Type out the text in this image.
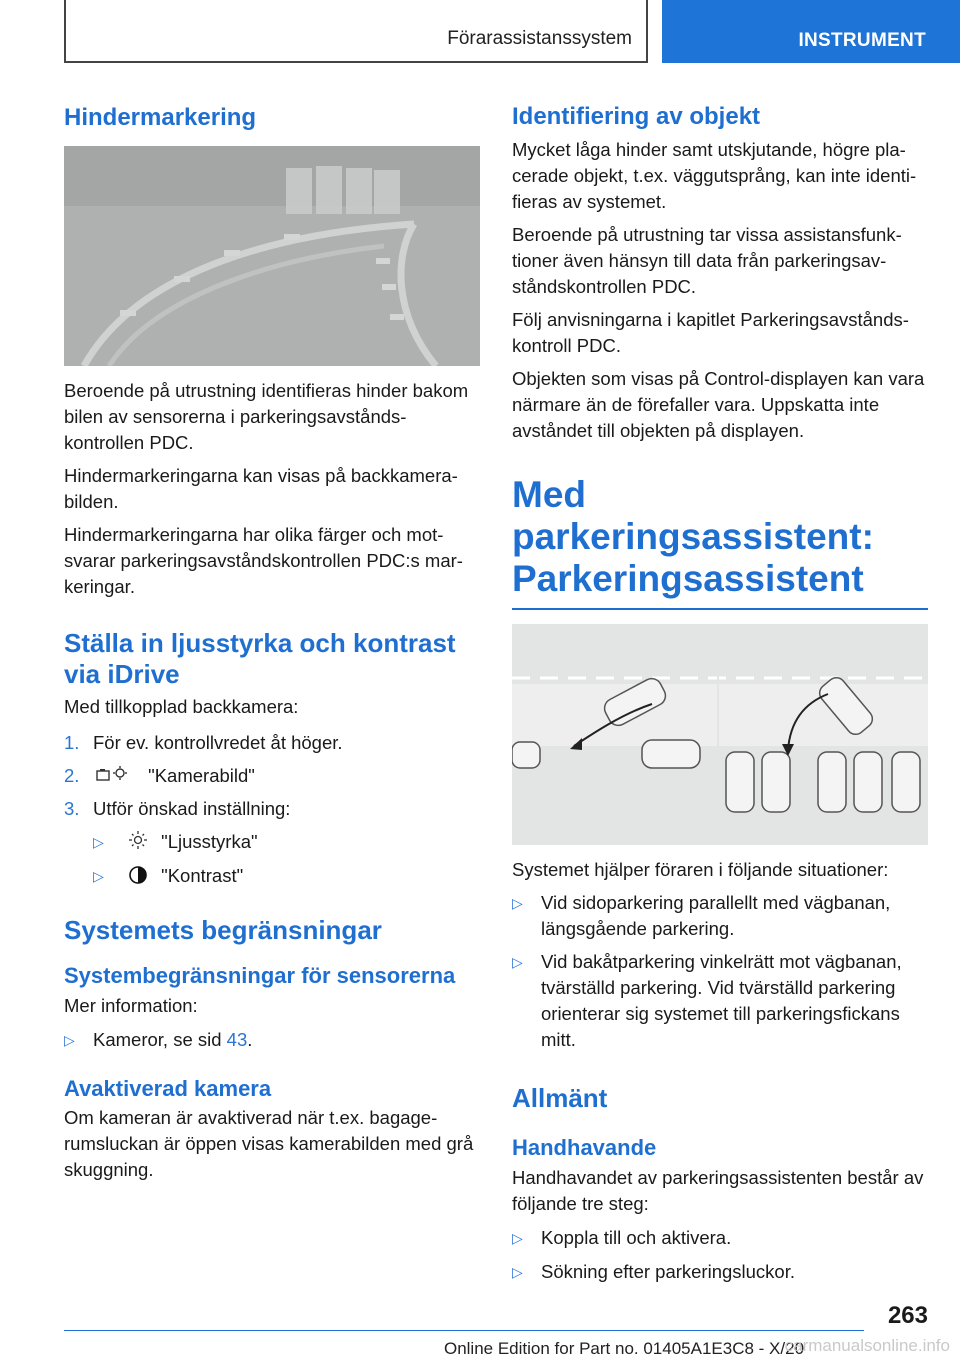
Förarassistanssystem	INSTRUMENT
Hindermarkering

Beroende på utrustning identifieras hinder bakom bilen av sensorerna i parkeringsavstånds-kontrollen PDC.

Hindermarkeringarna kan visas på backkamera-bilden.

Hindermarkeringarna har olika färger och mot-svarar parkeringsavståndskontrollen PDC:s mar-keringar.

Ställa in ljusstyrka och kontrast via iDrive

Med tillkopplad backkamera:

1. För ev. kontrollvredet åt höger.
2.	"Kamerabild"
3. Utför önskad inställning:
▷	"Ljusstyrka"
▷	"Kontrast"
Systemets begränsningar
Systembegränsningar för sensorerna

Mer information:

▷ Kameror, se sid 43.
Avaktiverad kamera

Om kameran är avaktiverad när t.ex. bagage-rumsluckan är öppen visas kamerabilden med grå skuggning.

Identifiering av objekt

Mycket låga hinder samt utskjutande, högre pla-cerade objekt, t.ex. väggutsprång, kan inte identi-fieras av systemet.

Beroende på utrustning tar vissa assistansfunk-tioner även hänsyn till data från parkeringsav-ståndskontrollen PDC.

Följ anvisningarna i kapitlet Parkeringsavstånds-kontroll PDC.

Objekten som visas på Control-displayen kan vara närmare än de förefaller vara. Uppskatta inte avståndet till objekten på displayen.

Med parkeringsassistent:
Parkeringsassistent

Systemet hjälper föraren i följande situationer:

▷ Vid sidoparkering parallellt med vägbanan, längsgående parkering.
▷ Vid bakåtparkering vinkelrätt mot vägbanan, tvärställd parkering. Vid tvärställd parkering orienterar sig systemet till parkeringsfickans mitt.
Allmänt
Handhavande

Handhavandet av parkeringsassistenten består av följande tre steg:

▷ Koppla till och aktivera.
▷ Sökning efter parkeringsluckor.
263
Online Edition for Part no. 01405A1E3C8 - X/20
carmanualsonline.info
